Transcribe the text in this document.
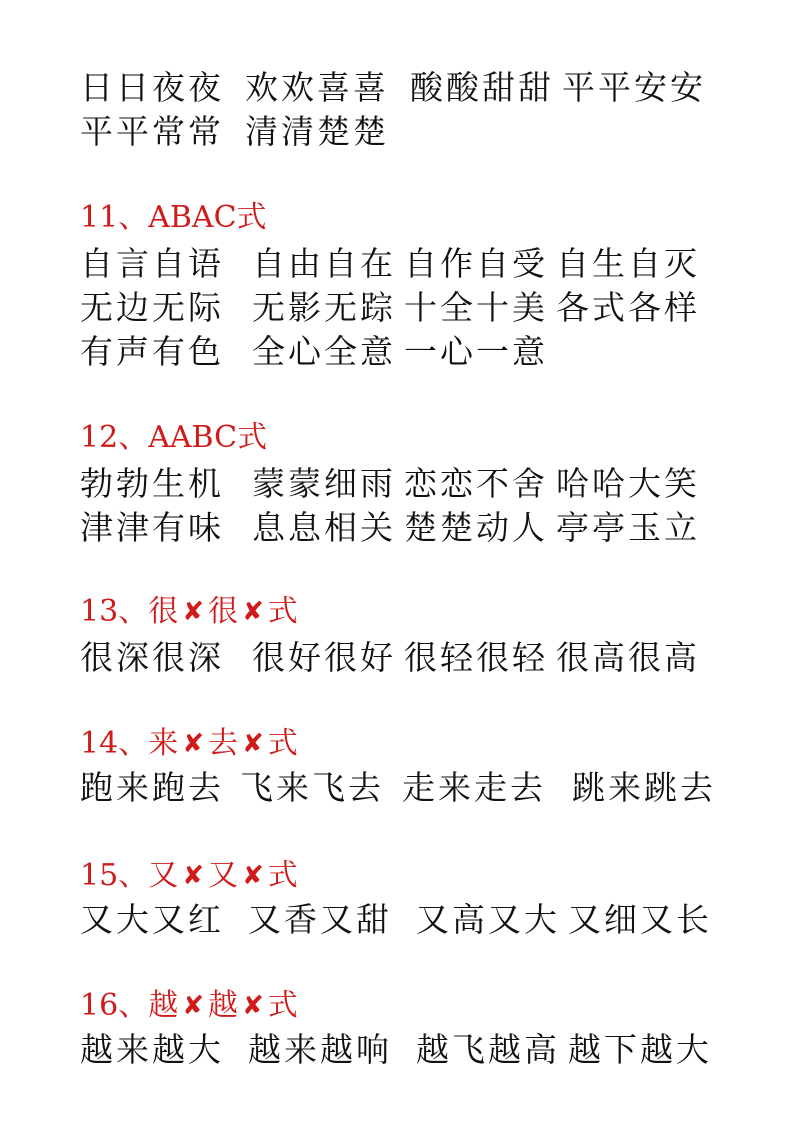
日日夜夜 欢欢喜喜 酸酸甜甜 平平安安
平平常常 清清楚楚
11、 ABAC式
自言自语 自由自在 自作自受 自生自灭
无边无际 无影无踪 十全十美 各式各样
有声有色 全心全意 一心一意
12、 AABC式
勃勃生机 蒙蒙细雨 恋恋不舍 哈哈大笑
津津有味 息息相关 楚楚动人 亭亭玉立
13、 很 ✘ 很 ✘ 式
很深很深 很好很好 很轻很轻 很高很高
14、 来 ✘ 去 ✘ 式
跑来跑去 飞来飞去 走来走去 跳来跳去
15、 又 ✘ 又 ✘ 式
又大又红 又香又甜 又高又大 又细又长
16、 越 ✘ 越 ✘ 式
越来越大 越来越响 越飞越高 越下越大
